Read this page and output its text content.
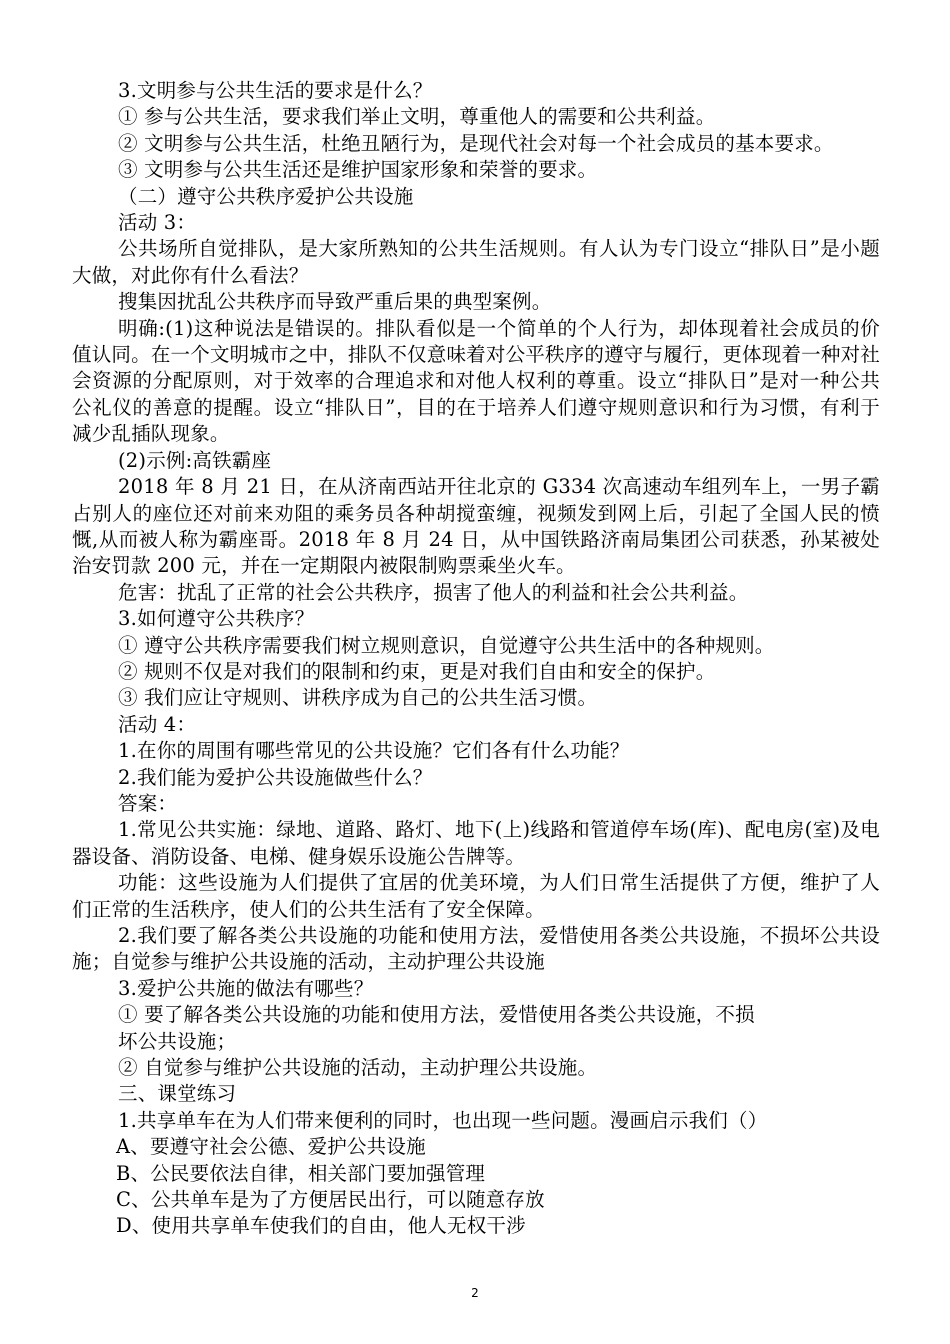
3.文明参与公共生活的要求是什么？

① 参与公共生活，要求我们举止文明，尊重他人的需要和公共利益。

② 文明参与公共生活，杜绝丑陋行为，是现代社会对每一个社会成员的基本要求。

③ 文明参与公共生活还是维护国家形象和荣誉的要求。

（二）遵守公共秩序爱护公共设施

活动 3：

公共场所自觉排队，是大家所熟知的公共生活规则。有人认为专门设立“排队日”是小题大做，对此你有什么看法？

搜集因扰乱公共秩序而导致严重后果的典型案例。

明确:(1)这种说法是错误的。排队看似是一个简单的个人行为，却体现着社会成员的价值认同。在一个文明城市之中，排队不仅意味着对公平秩序的遵守与履行，更体现着一种对社会资源的分配原则，对于效率的合理追求和对他人权利的尊重。设立“排队日”是对一种公共公礼仪的善意的提醒。设立“排队日”，目的在于培养人们遵守规则意识和行为习惯，有利于减少乱插队现象。

(2)示例:高铁霸座

2018 年 8 月 21 日，在从济南西站开往北京的 G334 次高速动车组列车上，一男子霸占别人的座位还对前来劝阻的乘务员各种胡搅蛮缠，视频发到网上后，引起了全国人民的愤慨,从而被人称为霸座哥。2018 年 8 月 24 日，从中国铁路济南局集团公司获悉，孙某被处治安罚款 200 元，并在一定期限内被限制购票乘坐火车。

危害：扰乱了正常的社会公共秩序，损害了他人的利益和社会公共利益。

3.如何遵守公共秩序？

① 遵守公共秩序需要我们树立规则意识，自觉遵守公共生活中的各种规则。

② 规则不仅是对我们的限制和约束，更是对我们自由和安全的保护。

③ 我们应让守规则、讲秩序成为自己的公共生活习惯。

活动 4：

1.在你的周围有哪些常见的公共设施？它们各有什么功能？

2.我们能为爱护公共设施做些什么？

答案：

1.常见公共实施：绿地、道路、路灯、地下(上)线路和管道停车场(库)、配电房(室)及电器设备、消防设备、电梯、健身娱乐设施公告牌等。

功能：这些设施为人们提供了宜居的优美环境，为人们日常生活提供了方便，维护了人们正常的生活秩序，使人们的公共生活有了安全保障。

2.我们要了解各类公共设施的功能和使用方法，爱惜使用各类公共设施，不损坏公共设施；自觉参与维护公共设施的活动，主动护理公共设施

3.爱护公共施的做法有哪些？

① 要了解各类公共设施的功能和使用方法，爱惜使用各类公共设施，不损

坏公共设施；

② 自觉参与维护公共设施的活动，主动护理公共设施。

三、课堂练习

1.共享单车在为人们带来便利的同时，也出现一些问题。漫画启示我们（）

A、要遵守社会公德、爱护公共设施

B、公民要依法自律，相关部门要加强管理

C、公共单车是为了方便居民出行，可以随意存放

D、使用共享单车使我们的自由，他人无权干涉

2
